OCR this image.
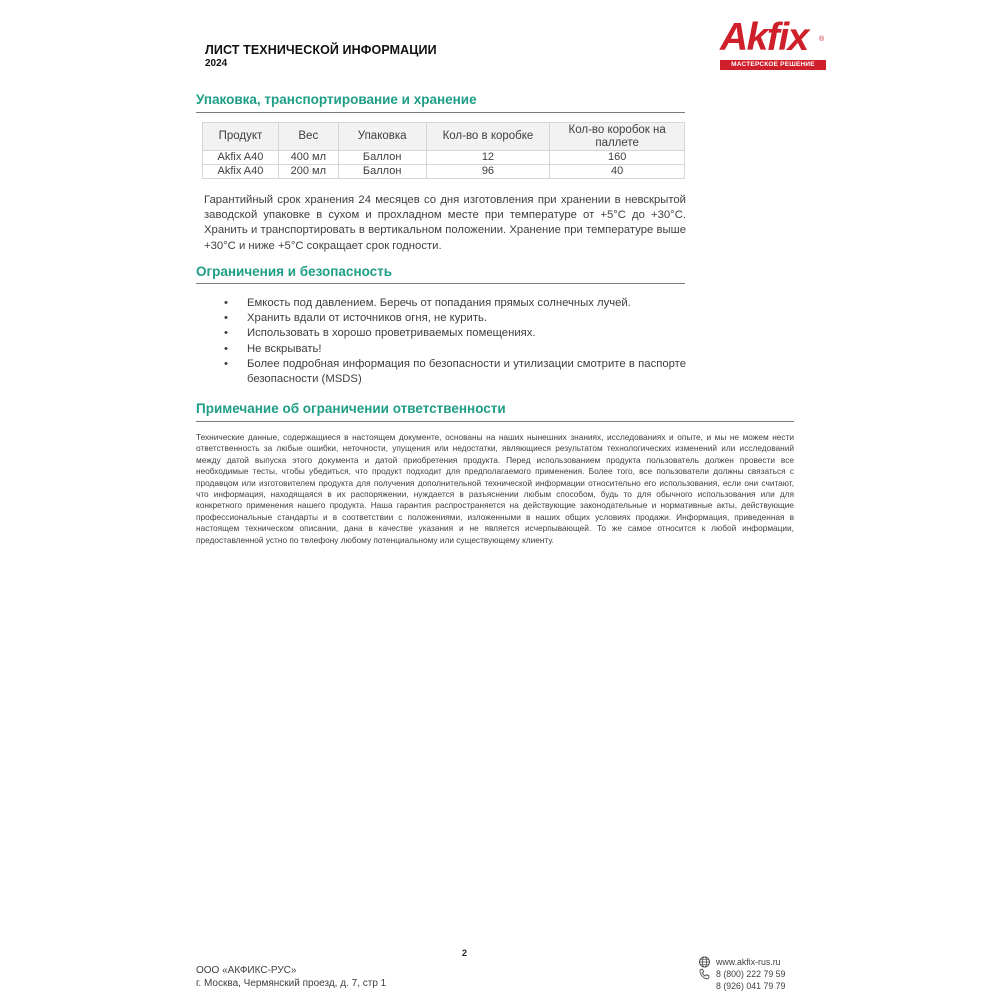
ЛИСТ ТЕХНИЧЕСКОЙ ИНФОРМАЦИИ
2024
Akfix ®
МАСТЕРСКОЕ РЕШЕНИЕ
Упаковка, транспортирование и хранение
Продукт	Вес	Упаковка	Кол-во в коробке	Кол-во коробок на паллете
Akfix A40	400 мл	Баллон	12	160
Akfix A40	200 мл	Баллон	96	40
Гарантийный срок хранения 24 месяцев со дня изготовления при хранении в невскрытой заводской упаковке в сухом и прохладном месте при температуре от +5°С до +30°С. Хранить и транспортировать в вертикальном положении. Хранение при температуре выше +30°С и ниже +5°С сокращает срок годности.
Ограничения и безопасность
• Емкость под давлением. Беречь от попадания прямых солнечных лучей.
• Хранить вдали от источников огня, не курить.
• Использовать в хорошо проветриваемых помещениях.
• Не вскрывать!
• Более подробная информация по безопасности и утилизации смотрите в паспорте безопасности (MSDS)
Примечание об ограничении ответственности
Технические данные, содержащиеся в настоящем документе, основаны на наших нынешних знаниях, исследованиях и опыте, и мы не можем нести ответственность за любые ошибки, неточности, упущения или недостатки, являющиеся результатом технологических изменений или исследований между датой выпуска этого документа и датой приобретения продукта. Перед использованием продукта пользователь должен провести все необходимые тесты, чтобы убедиться, что продукт подходит для предполагаемого применения. Более того, все пользователи должны связаться с продавцом или изготовителем продукта для получения дополнительной технической информации относительно его использования, если они считают, что информация, находящаяся в их распоряжении, нуждается в разъяснении любым способом, будь то для обычного использования или для конкретного применения нашего продукта. Наша гарантия распространяется на действующие законодательные и нормативные акты, действующие профессиональные стандарты и в соответствии с положениями, изложенными в наших общих условиях продажи. Информация, приведенная в настоящем техническом описании, дана в качестве указания и не является исчерпывающей. То же самое относится к любой информации, предоставленной устно по телефону любому потенциальному или существующему клиенту.
2
ООО «АКФИКС-РУС»
г. Москва, Чермянский проезд, д. 7, стр 1
www.akfix-rus.ru
8 (800) 222 79 59
8 (926) 041 79 79
